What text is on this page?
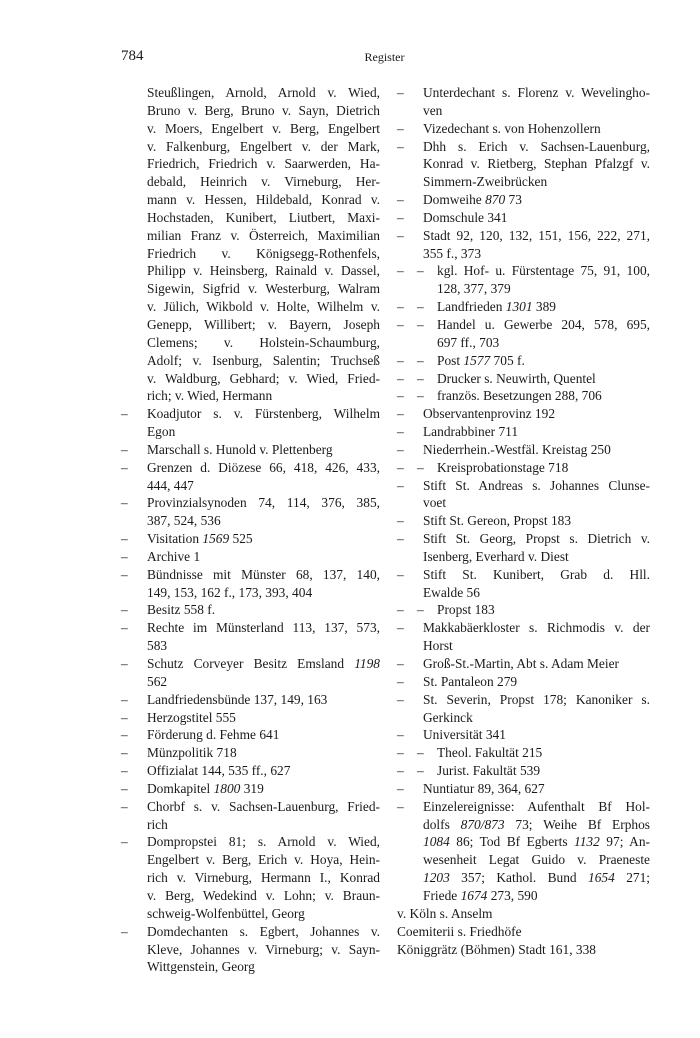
784	Register
Steußlingen, Arnold, Arnold v. Wied,
Bruno v. Berg, Bruno v. Sayn, Dietrich
v. Moers, Engelbert v. Berg, Engelbert
v. Falkenburg, Engelbert v. der Mark,
Friedrich, Friedrich v. Saarwerden, Ha-
debald, Heinrich v. Virneburg, Her-
mann v. Hessen, Hildebald, Konrad v.
Hochstaden, Kunibert, Liutbert, Maxi-
milian Franz v. Österreich, Maximilian
Friedrich v. Königsegg-Rothenfels,
Philipp v. Heinsberg, Rainald v. Dassel,
Sigewin, Sigfrid v. Westerburg, Walram
v. Jülich, Wikbold v. Holte, Wilhelm v.
Genepp, Willibert; v. Bayern, Joseph
Clemens; v. Holstein-Schaumburg,
Adolf; v. Isenburg, Salentin; Truchseß
v. Waldburg, Gebhard; v. Wied, Fried-
rich; v. Wied, Hermann
– Koadjutor s. v. Fürstenberg, Wilhelm
Egon
– Marschall s. Hunold v. Plettenberg
– Grenzen d. Diözese 66, 418, 426, 433,
444, 447
– Provinzialsynoden 74, 114, 376, 385,
387, 524, 536
– Visitation 1569 525
– Archive 1
– Bündnisse mit Münster 68, 137, 140,
149, 153, 162 f., 173, 393, 404
– Besitz 558 f.
– Rechte im Münsterland 113, 137, 573,
583
– Schutz Corveyer Besitz Emsland 1198
562
– Landfriedensbünde 137, 149, 163
– Herzogstitel 555
– Förderung d. Fehme 641
– Münzpolitik 718
– Offizialat 144, 535 ff., 627
– Domkapitel 1800 319
– Chorbf s. v. Sachsen-Lauenburg, Fried-
rich
– Dompropstei 81; s. Arnold v. Wied,
Engelbert v. Berg, Erich v. Hoya, Hein-
rich v. Virneburg, Hermann I., Konrad
v. Berg, Wedekind v. Lohn; v. Braun-
schweig-Wolfenbüttel, Georg
– Domdechanten s. Egbert, Johannes v.
Kleve, Johannes v. Virneburg; v. Sayn-
Wittgenstein, Georg
– Unterdechant s. Florenz v. Wevelingho-
ven
– Vizedechant s. von Hohenzollern
– Dhh s. Erich v. Sachsen-Lauenburg,
Konrad v. Rietberg, Stephan Pfalzgf v.
Simmern-Zweibrücken
– Domweihe 870 73
– Domschule 341
– Stadt 92, 120, 132, 151, 156, 222, 271,
355 f., 373
– – kgl. Hof- u. Fürstentage 75, 91, 100,
128, 377, 379
– – Landfrieden 1301 389
– – Handel u. Gewerbe 204, 578, 695,
697 ff., 703
– – Post 1577 705 f.
– – Drucker s. Neuwirth, Quentel
– – französ. Besetzungen 288, 706
– Observantenprovinz 192
– Landrabbiner 711
– Niederrhein.-Westfäl. Kreistag 250
– – Kreisprobationstage 718
– Stift St. Andreas s. Johannes Clunse-
voet
– Stift St. Gereon, Propst 183
– Stift St. Georg, Propst s. Dietrich v.
Isenberg, Everhard v. Diest
– Stift St. Kunibert, Grab d. Hll.
Ewalde 56
– – Propst 183
– Makkabäerkloster s. Richmodis v. der
Horst
– Groß-St.-Martin, Abt s. Adam Meier
– St. Pantaleon 279
– St. Severin, Propst 178; Kanoniker s.
Gerkinck
– Universität 341
– – Theol. Fakultät 215
– – Jurist. Fakultät 539
– Nuntiatur 89, 364, 627
– Einzelereignisse: Aufenthalt Bf Hol-
dolfs 870/873 73; Weihe Bf Erphos
1084 86; Tod Bf Egberts 1132 97; An-
wesenheit Legat Guido v. Praeneste
1203 357; Kathol. Bund 1654 271;
Friede 1674 273, 590
v. Köln s. Anselm
Coemiterii s. Friedhöfe
Königgrätz (Böhmen) Stadt 161, 338
